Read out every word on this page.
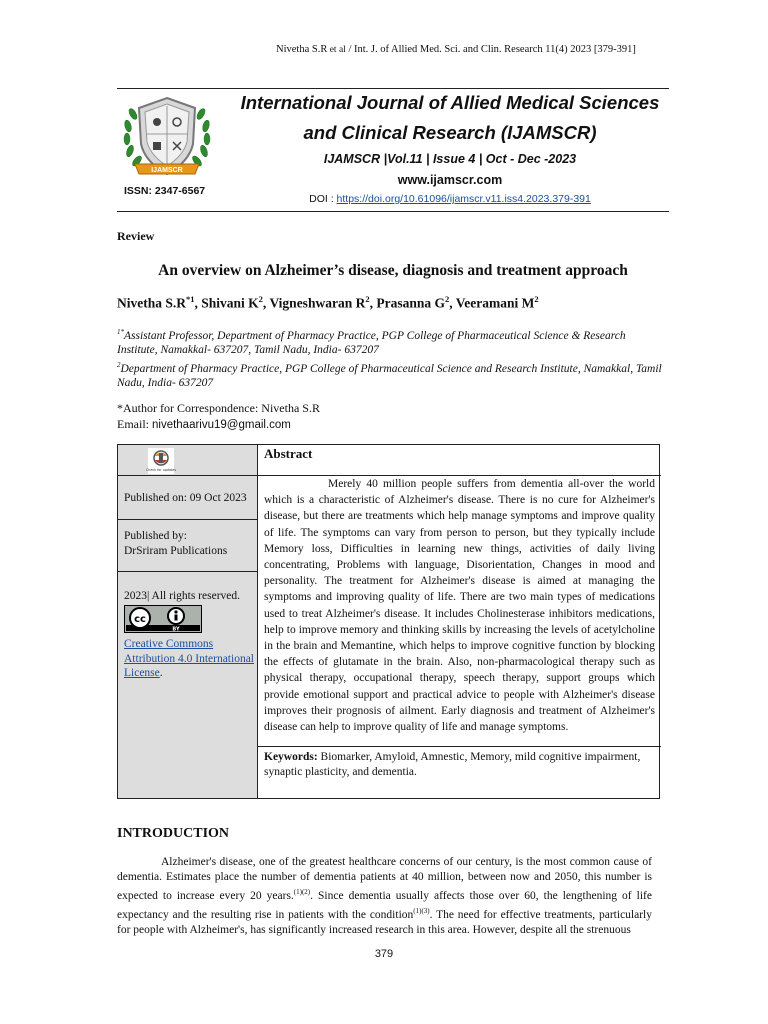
Nivetha S.R et al / Int. J. of Allied Med. Sci. and Clin. Research 11(4) 2023 [379-391]
IJAMSCR
ISSN: 2347-6567
International Journal of Allied Medical Sciences
and Clinical Research (IJAMSCR)
IJAMSCR |Vol.11 | Issue 4 | Oct - Dec -2023
www.ijamscr.com
DOI : https://doi.org/10.61096/ijamscr.v11.iss4.2023.379-391
Review
An overview on Alzheimer’s disease, diagnosis and treatment approach
Nivetha $S.R^{*1}$, Shivani $K^2$, Vigneshwaran $R^2$, Prasanna $G^2$, Veeramani $M^2$
$^{1*}$Assistant Professor, Department of Pharmacy Practice, PGP College of Pharmaceutical Science & Research Institute, Namakkal- 637207, Tamil Nadu, India- 637207
$^2$Department of Pharmacy Practice, PGP College of Pharmaceutical Science and Research Institute, Namakkal, Tamil Nadu, India- 637207
*Author for Correspondence: Nivetha S.R
Email: nivethaarivu19@gmail.com
Check for updates
Published on: 09 Oct 2023
Published by:
DrSriram Publications
2023| All rights reserved.
cc
BY
Creative Commons Attribution 4.0 International License.
Abstract
Merely 40 million people suffers from dementia all-over the world which is a characteristic of Alzheimer's disease. There is no cure for Alzheimer's disease, but there are treatments which help manage symptoms and improve quality of life. The symptoms can vary from person to person, but they typically include Memory loss, Difficulties in learning new things, activities of daily living concentrating, Problems with language, Disorientation, Changes in mood and personality. The treatment for Alzheimer's disease is aimed at managing the symptoms and improving quality of life. There are two main types of medications used to treat Alzheimer's disease. It includes Cholinesterase inhibitors medications, help to improve memory and thinking skills by increasing the levels of acetylcholine in the brain and Memantine, which helps to improve cognitive function by blocking the effects of glutamate in the brain. Also, non-pharmacological therapy such as physical therapy, occupational therapy, speech therapy, support groups which provide emotional support and practical advice to people with Alzheimer's disease improves their prognosis of ailment. Early diagnosis and treatment of Alzheimer's disease can help to improve quality of life and manage symptoms.
Keywords: Biomarker, Amyloid, Amnestic, Memory, mild cognitive impairment, synaptic plasticity, and dementia.
INTRODUCTION
Alzheimer's disease, one of the greatest healthcare concerns of our century, is the most common cause of dementia. Estimates place the number of dementia patients at 40 million, between now and 2050, this number is expected to increase every 20 years.$^{(1)(2)}$. Since dementia usually affects those over 60, the lengthening of life expectancy and the resulting rise in patients with the condition$^{(1)(3)}$. The need for effective treatments, particularly for people with Alzheimer's, has significantly increased research in this area. However, despite all the strenuous
379
